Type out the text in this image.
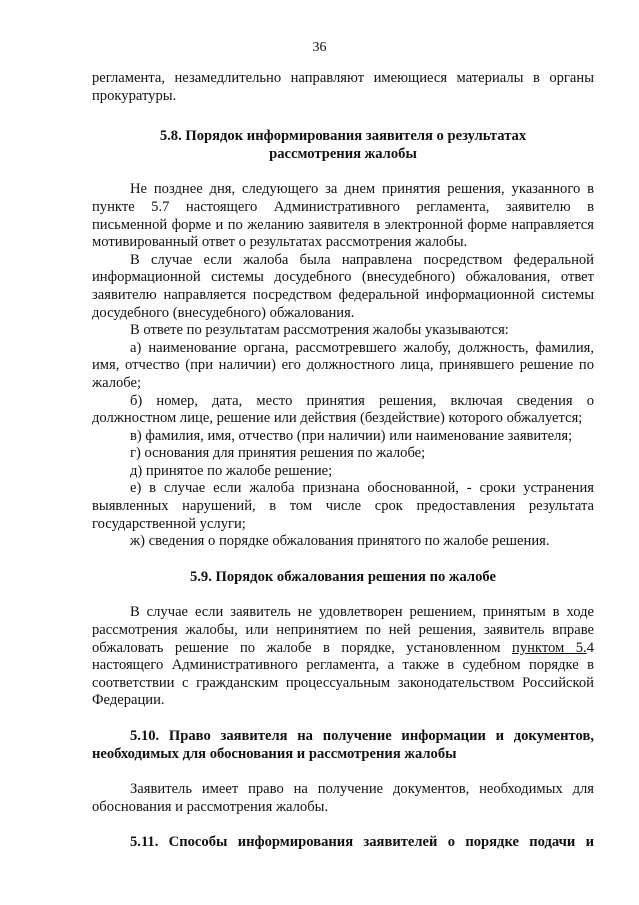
36

регламента, незамедлительно направляют имеющиеся материалы в органы прокуратуры.

5.8. Порядок информирования заявителя о результатах рассмотрения жалобы

Не позднее дня, следующего за днем принятия решения, указанного в пункте 5.7 настоящего Административного регламента, заявителю в письменной форме и по желанию заявителя в электронной форме направляется мотивированный ответ о результатах рассмотрения жалобы.

В случае если жалоба была направлена посредством федеральной информационной системы досудебного (внесудебного) обжалования, ответ заявителю направляется посредством федеральной информационной системы досудебного (внесудебного) обжалования.

В ответе по результатам рассмотрения жалобы указываются:

а) наименование органа, рассмотревшего жалобу, должность, фамилия, имя, отчество (при наличии) его должностного лица, принявшего решение по жалобе;

б) номер, дата, место принятия решения, включая сведения о должностном лице, решение или действия (бездействие) которого обжалуется;

в) фамилия, имя, отчество (при наличии) или наименование заявителя;

г) основания для принятия решения по жалобе;

д) принятое по жалобе решение;

е) в случае если жалоба признана обоснованной, - сроки устранения выявленных нарушений, в том числе срок предоставления результата государственной услуги;

ж) сведения о порядке обжалования принятого по жалобе решения.

5.9. Порядок обжалования решения по жалобе

В случае если заявитель не удовлетворен решением, принятым в ходе рассмотрения жалобы, или непринятием по ней решения, заявитель вправе обжаловать решение по жалобе в порядке, установленном пунктом 5.4 настоящего Административного регламента, а также в судебном порядке в соответствии с гражданским процессуальным законодательством Российской Федерации.

5.10. Право заявителя на получение информации и документов, необходимых для обоснования и рассмотрения жалобы

Заявитель имеет право на получение документов, необходимых для обоснования и рассмотрения жалобы.

5.11. Способы информирования заявителей о порядке подачи и
